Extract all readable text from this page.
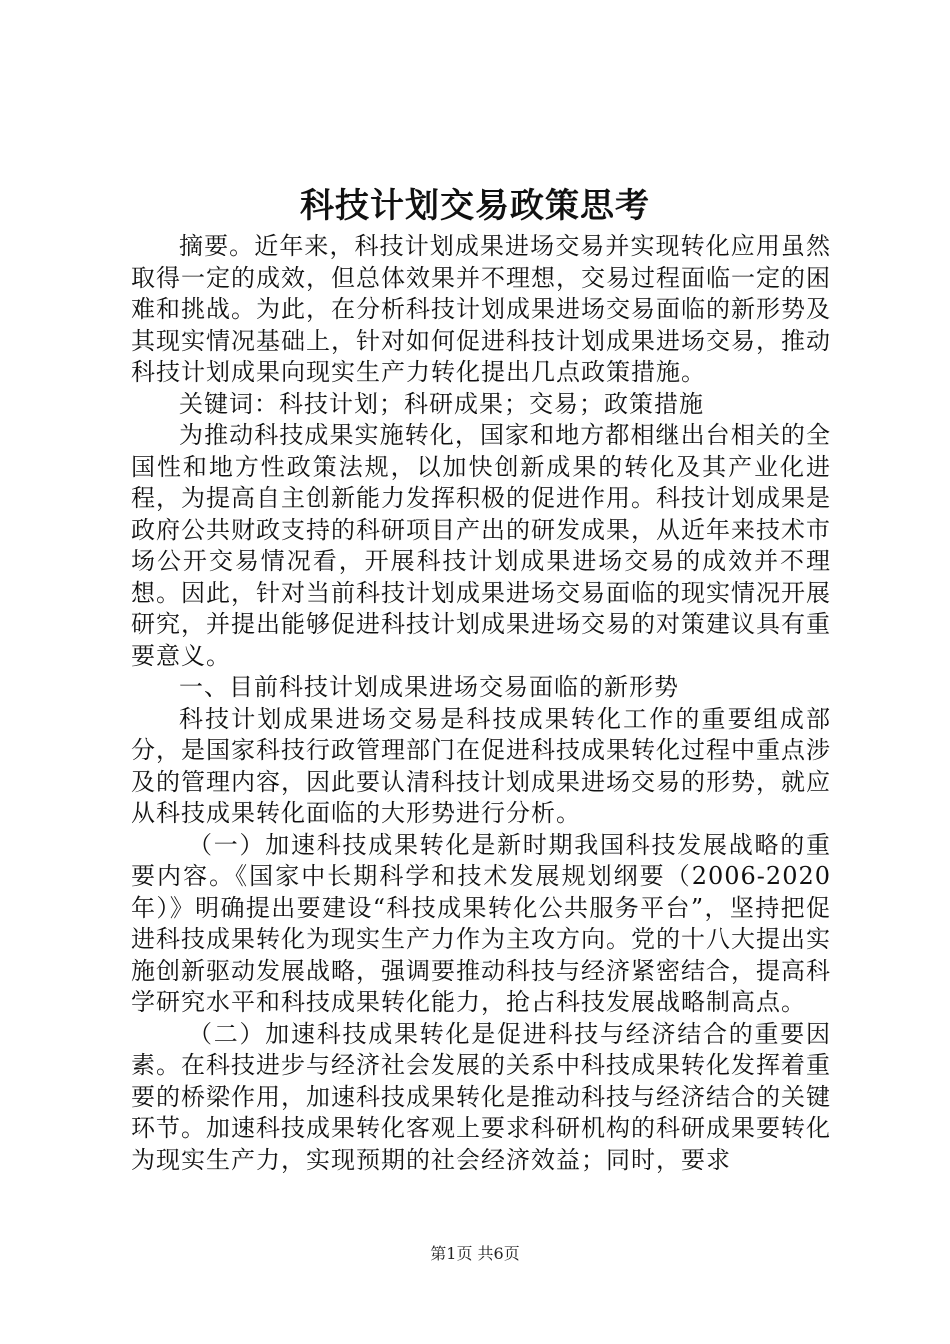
科技计划交易政策思考

摘要。近年来，科技计划成果进场交易并实现转化应用虽然取得一定的成效，但总体效果并不理想，交易过程面临一定的困难和挑战。为此，在分析科技计划成果进场交易面临的新形势及其现实情况基础上，针对如何促进科技计划成果进场交易，推动科技计划成果向现实生产力转化提出几点政策措施。

关键词：科技计划；科研成果；交易；政策措施

为推动科技成果实施转化，国家和地方都相继出台相关的全国性和地方性政策法规，以加快创新成果的转化及其产业化进程，为提高自主创新能力发挥积极的促进作用。科技计划成果是政府公共财政支持的科研项目产出的研发成果，从近年来技术市场公开交易情况看，开展科技计划成果进场交易的成效并不理想。因此，针对当前科技计划成果进场交易面临的现实情况开展研究，并提出能够促进科技计划成果进场交易的对策建议具有重要意义。

一、目前科技计划成果进场交易面临的新形势

科技计划成果进场交易是科技成果转化工作的重要组成部分，是国家科技行政管理部门在促进科技成果转化过程中重点涉及的管理内容，因此要认清科技计划成果进场交易的形势，就应从科技成果转化面临的大形势进行分析。

（一）加速科技成果转化是新时期我国科技发展战略的重要内容。《国家中长期科学和技术发展规划纲要（2006-2020年）》明确提出要建设“科技成果转化公共服务平台”，坚持把促进科技成果转化为现实生产力作为主攻方向。党的十八大提出实施创新驱动发展战略，强调要推动科技与经济紧密结合，提高科学研究水平和科技成果转化能力，抢占科技发展战略制高点。

（二）加速科技成果转化是促进科技与经济结合的重要因素。在科技进步与经济社会发展的关系中科技成果转化发挥着重要的桥梁作用，加速科技成果转化是推动科技与经济结合的关键环节。加速科技成果转化客观上要求科研机构的科研成果要转化为现实生产力，实现预期的社会经济效益；同时，要求

第1页 共6页
